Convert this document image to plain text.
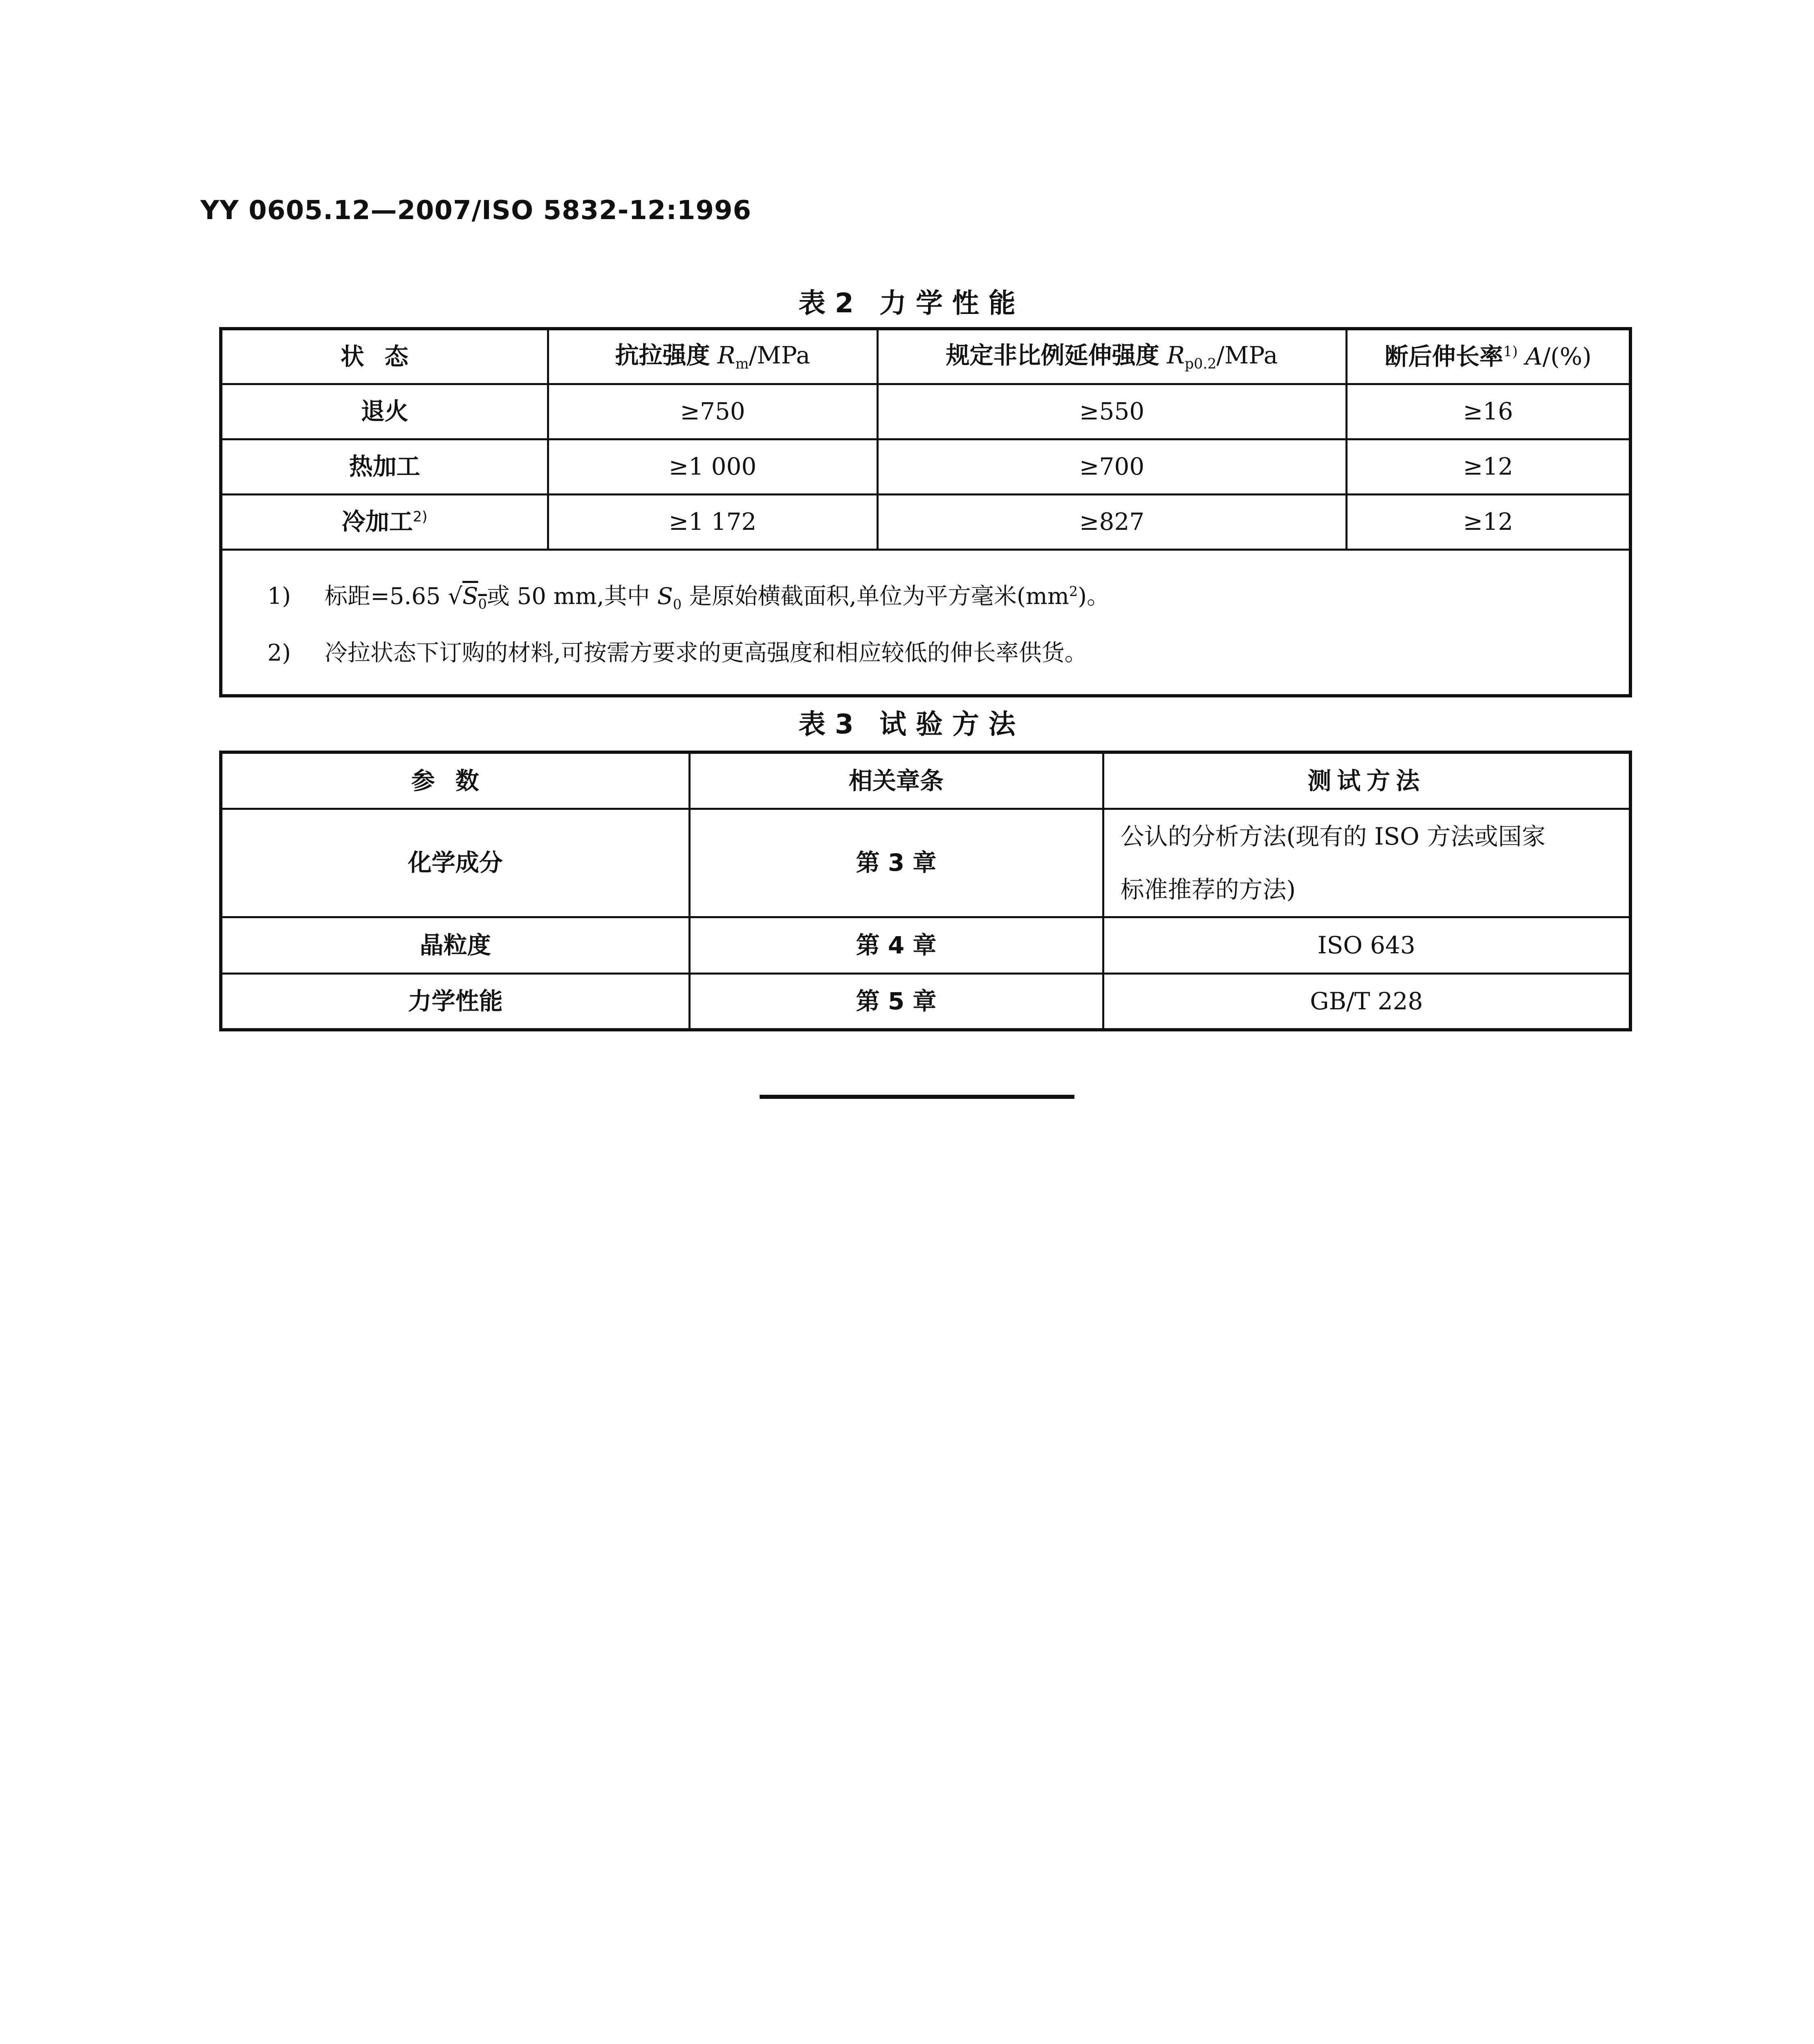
YY 0605.12—2007/ISO 5832-12:1996
表 2 力 学 性 能
状态	抗拉强度 $R_m$/MPa	规定非比例延伸强度 $R_{p0.2}$/MPa	断后伸长率$^{1)}$ A/(%)
退火	≥750	≥550	≥16
热加工	≥1 000	≥700	≥12
冷加工$^{2)}$	≥1 172	≥827	≥12

1) 标距=5.65 $√S_0$或 50 mm,其中 $S_0$ 是原始横截面积,单位为平方毫米$(mm^2)$。
2) 冷拉状态下订购的材料,可按需方要求的更高强度和相应较低的伸长率供货。			
表 3 试 验 方 法
参数	相关章条	测试方法
化学成分	第 3 章	公认的分析方法(现有的 ISO 方法或国家
标准推荐的方法)

晶粒度	第 4 章	ISO 643
力学性能	第 5 章	GB/T 228
